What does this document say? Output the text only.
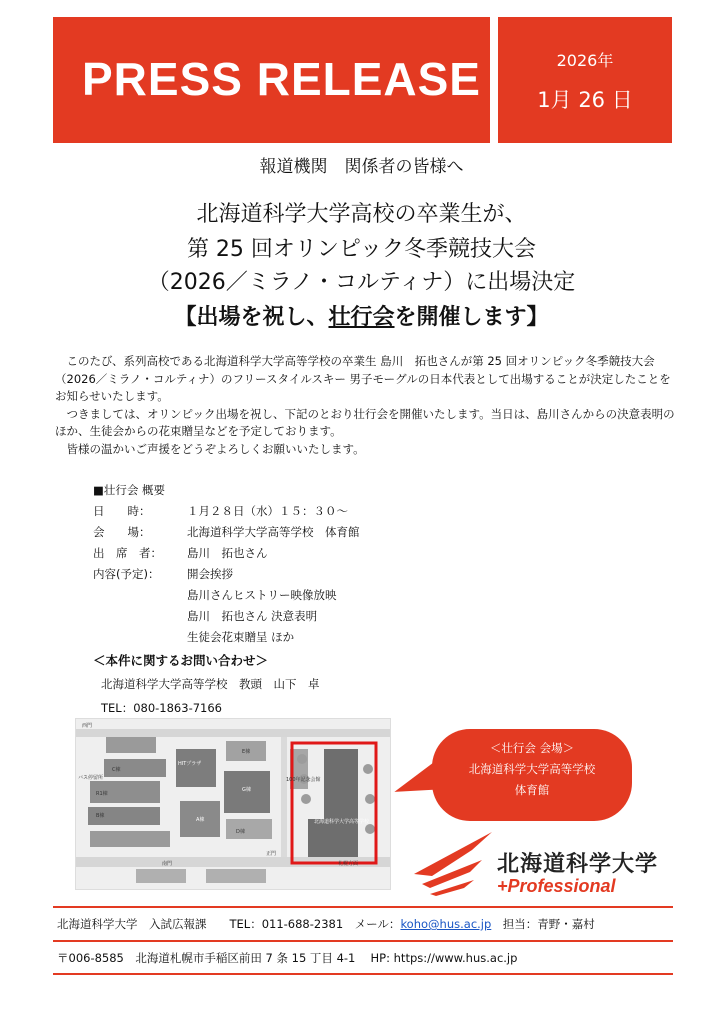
PRESS RELEASE	2026年
1月 26 日
報道機関　関係者の皆様へ
北海道科学大学高校の卒業生が、
第 25 回オリンピック冬季競技大会
（2026／ミラノ・コルティナ）に出場決定
【出場を祝し、壮行会を開催します】

　このたび、系列高校である北海道科学大学高等学校の卒業生 島川　拓也さんが第 25 回オリンピック冬季競技大会（2026／ミラノ・コルティナ）のフリースタイルスキー 男子モーグルの日本代表として出場することが決定したことをお知らせいたします。

　つきましては、オリンピック出場を祝し、下記のとおり壮行会を開催いたします。当日は、島川さんからの決意表明のほか、生徒会からの花束贈呈などを予定しております。

　皆様の温かいご声援をどうぞよろしくお願いいたします。

■壮行会 概要
日　　時：	１月２８日（水）１５：３０～
会　　場：	北海道科学大学高等学校　体育館
出　席　者：	島川　拓也さん
内容(予定)：	開会挨拶
島川さんヒストリー映像放映
島川　拓也さん 決意表明
生徒会花束贈呈 ほか
＜本件に関するお問い合わせ＞
北海道科学大学高等学校　教頭　山下　卓
TEL：080-1863-7166
西門
南門
正門
C棟
HITプラザ
G棟
R1棟
B棟
A棟
D棟
E棟
100年記念会館
北海道科学大学高等学校
バス停留所
札幌方面
＜壮行会 会場＞
北海道科学大学高等学校
体育館
北海道科学大学
+Professional
北海道科学大学　入試広報課　　TEL：011-688-2381　メール：koho@hus.ac.jp　担当：青野・嘉村
〒006-8585　北海道札幌市手稲区前田 7 条 15 丁目 4-1　 HP: https://www.hus.ac.jp
